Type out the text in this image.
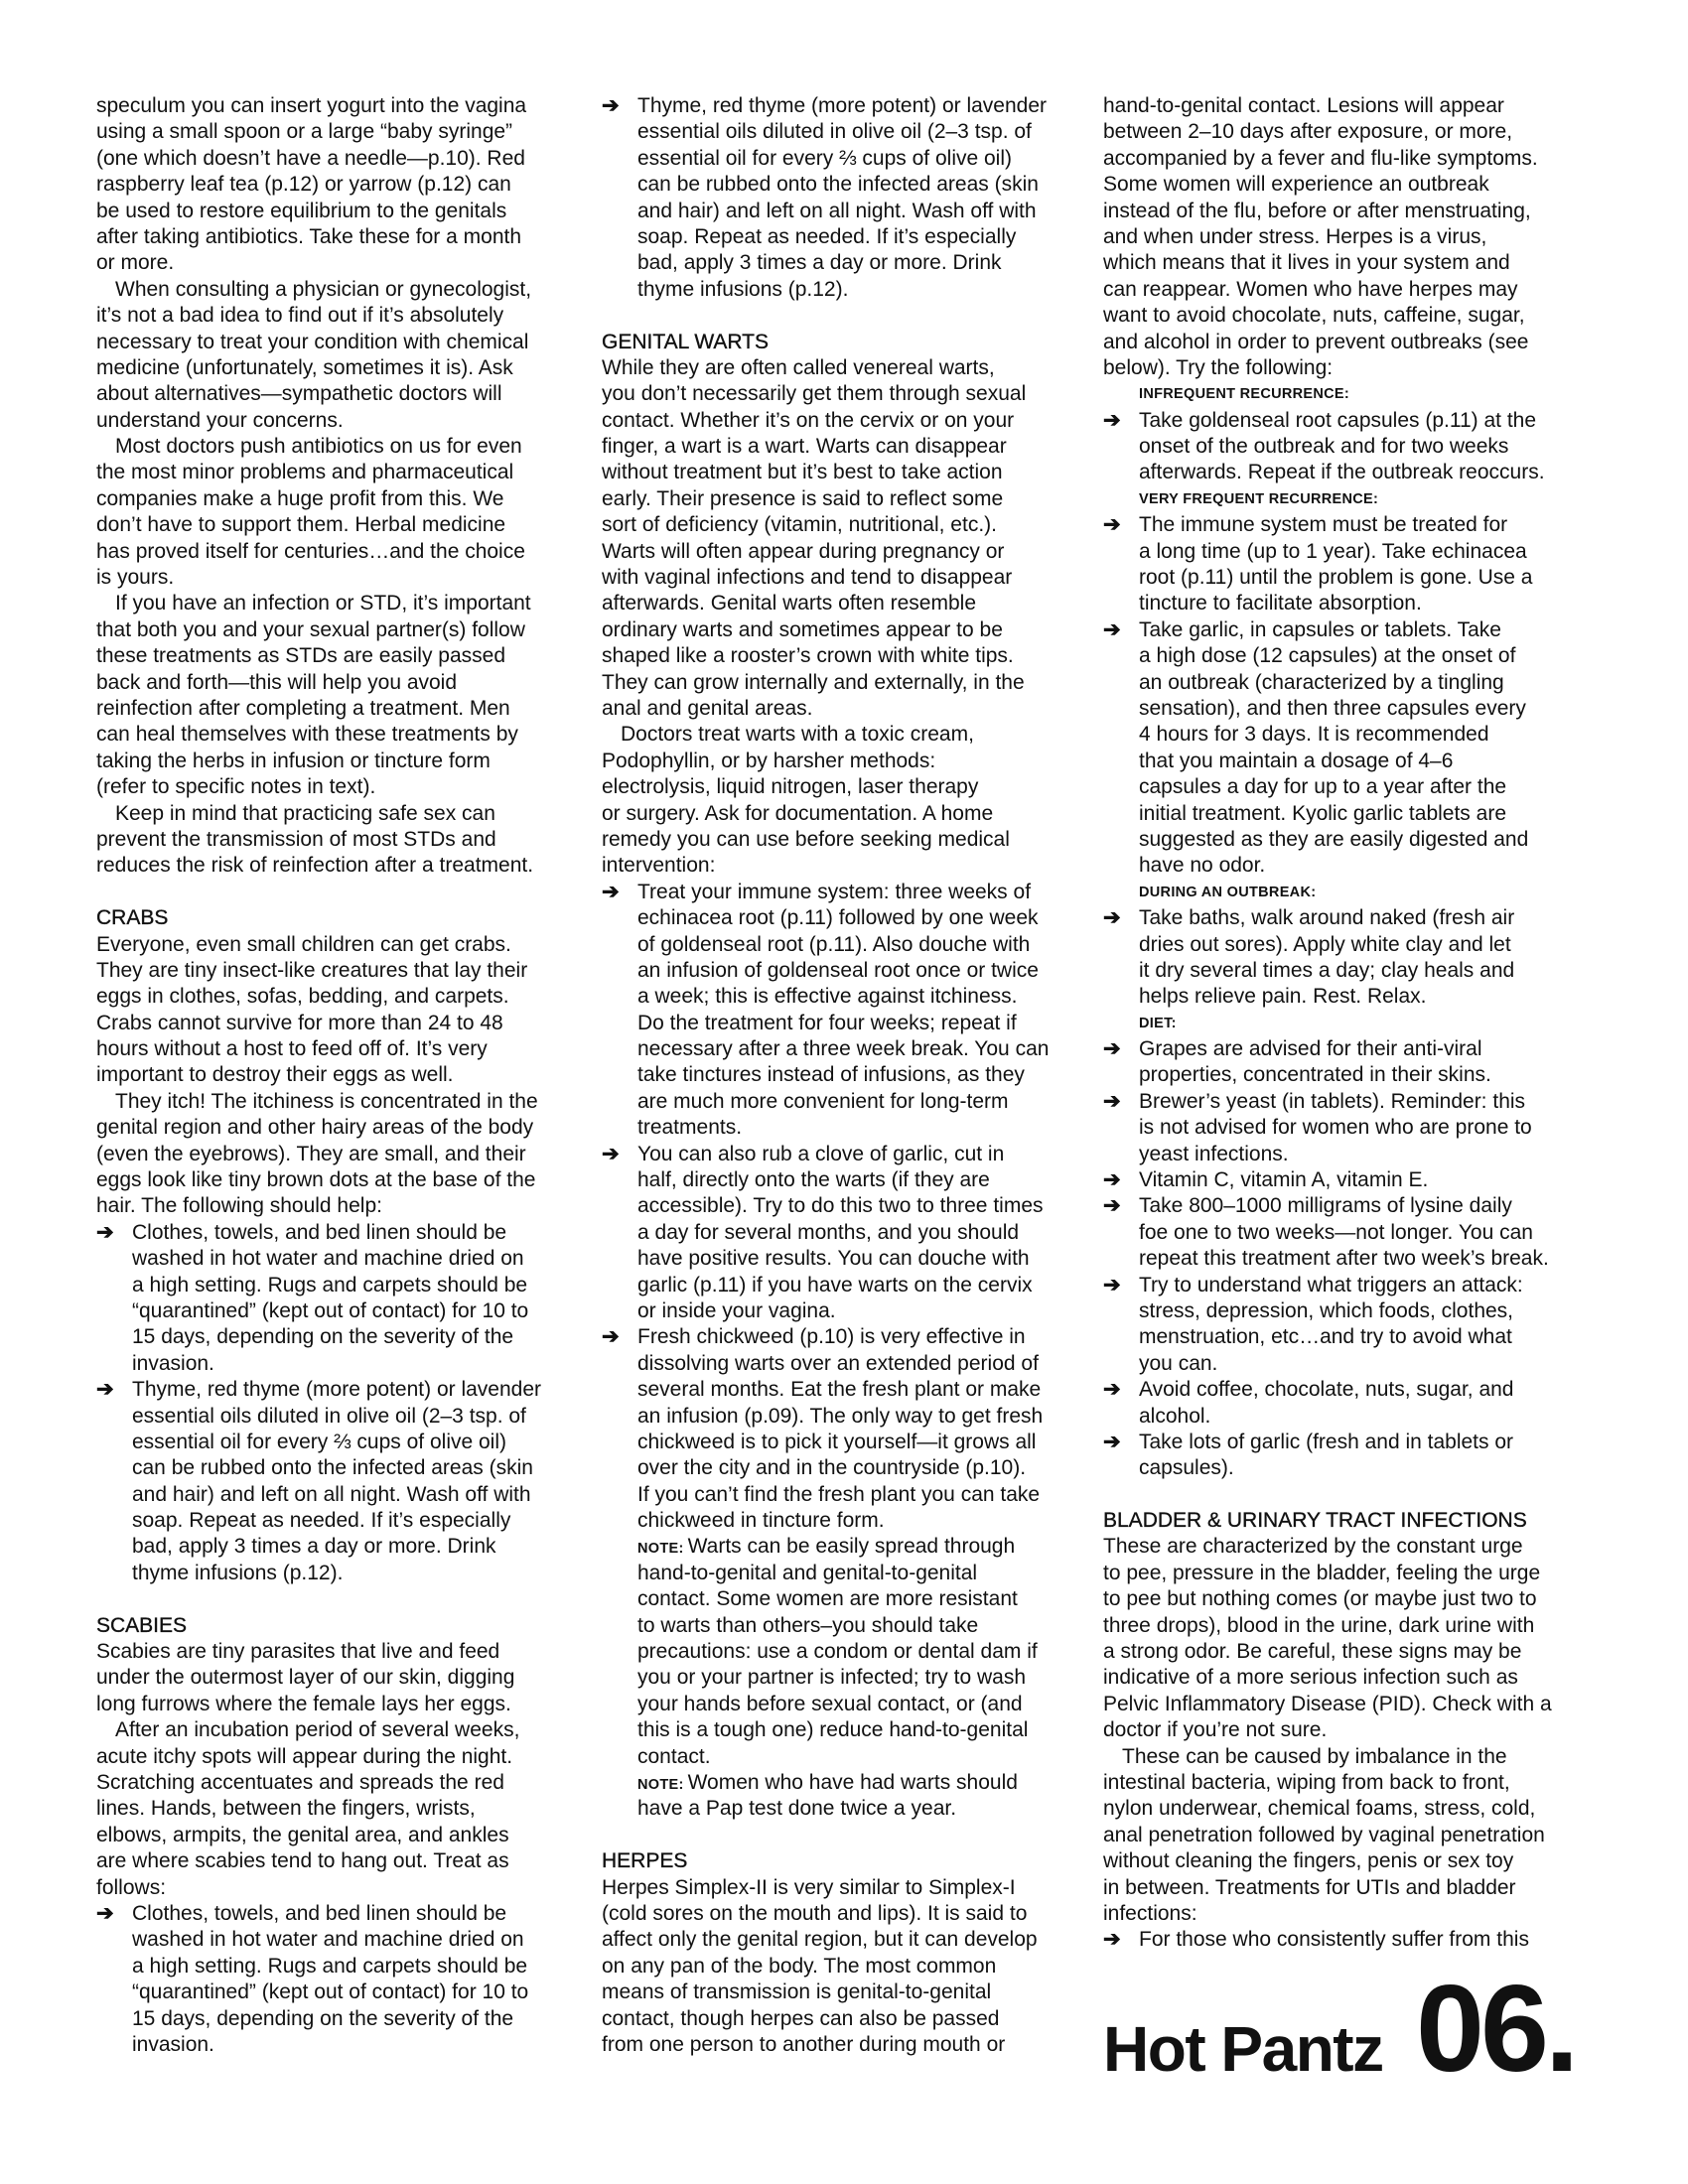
speculum you can insert yogurt into the vagina
using a small spoon or a large “baby syringe”
(one which doesn’t have a needle—p.10). Red
raspberry leaf tea (p.12) or yarrow (p.12) can
be used to restore equilibrium to the genitals
after taking antibiotics. Take these for a month
or more.
When consulting a physician or gynecologist,
it’s not a bad idea to find out if it’s absolutely
necessary to treat your condition with chemical
medicine (unfortunately, sometimes it is). Ask
about alternatives—sympathetic doctors will
understand your concerns.
Most doctors push antibiotics on us for even
the most minor problems and pharmaceutical
companies make a huge profit from this. We
don’t have to support them. Herbal medicine
has proved itself for centuries…and the choice
is yours.
If you have an infection or STD, it’s important
that both you and your sexual partner(s) follow
these treatments as STDs are easily passed
back and forth—this will help you avoid
reinfection after completing a treatment. Men
can heal themselves with these treatments by
taking the herbs in infusion or tincture form
(refer to specific notes in text).
Keep in mind that practicing safe sex can
prevent the transmission of most STDs and
reduces the risk of reinfection after a treatment.
CRABS
Everyone, even small children can get crabs.
They are tiny insect-like creatures that lay their
eggs in clothes, sofas, bedding, and carpets.
Crabs cannot survive for more than 24 to 48
hours without a host to feed off of. It’s very
important to destroy their eggs as well.
They itch! The itchiness is concentrated in the
genital region and other hairy areas of the body
(even the eyebrows). They are small, and their
eggs look like tiny brown dots at the base of the
hair. The following should help:
➔ Clothes, towels, and bed linen should be
washed in hot water and machine dried on
a high setting. Rugs and carpets should be
“quarantined” (kept out of contact) for 10 to
15 days, depending on the severity of the
invasion.
➔ Thyme, red thyme (more potent) or lavender
essential oils diluted in olive oil (2–3 tsp. of
essential oil for every ⅔ cups of olive oil)
can be rubbed onto the infected areas (skin
and hair) and left on all night. Wash off with
soap. Repeat as needed. If it’s especially
bad, apply 3 times a day or more. Drink
thyme infusions (p.12).
SCABIES
Scabies are tiny parasites that live and feed
under the outermost layer of our skin, digging
long furrows where the female lays her eggs.
After an incubation period of several weeks,
acute itchy spots will appear during the night.
Scratching accentuates and spreads the red
lines. Hands, between the fingers, wrists,
elbows, armpits, the genital area, and ankles
are where scabies tend to hang out. Treat as
follows:
➔ Clothes, towels, and bed linen should be
washed in hot water and machine dried on
a high setting. Rugs and carpets should be
“quarantined” (kept out of contact) for 10 to
15 days, depending on the severity of the
invasion.
➔ Thyme, red thyme (more potent) or lavender
essential oils diluted in olive oil (2–3 tsp. of
essential oil for every ⅔ cups of olive oil)
can be rubbed onto the infected areas (skin
and hair) and left on all night. Wash off with
soap. Repeat as needed. If it’s especially
bad, apply 3 times a day or more. Drink
thyme infusions (p.12).
GENITAL WARTS
While they are often called venereal warts,
you don’t necessarily get them through sexual
contact. Whether it’s on the cervix or on your
finger, a wart is a wart. Warts can disappear
without treatment but it’s best to take action
early. Their presence is said to reflect some
sort of deficiency (vitamin, nutritional, etc.).
Warts will often appear during pregnancy or
with vaginal infections and tend to disappear
afterwards. Genital warts often resemble
ordinary warts and sometimes appear to be
shaped like a rooster’s crown with white tips.
They can grow internally and externally, in the
anal and genital areas.
Doctors treat warts with a toxic cream,
Podophyllin, or by harsher methods:
electrolysis, liquid nitrogen, laser therapy
or surgery. Ask for documentation. A home
remedy you can use before seeking medical
intervention:
➔ Treat your immune system: three weeks of
echinacea root (p.11) followed by one week
of goldenseal root (p.11). Also douche with
an infusion of goldenseal root once or twice
a week; this is effective against itchiness.
Do the treatment for four weeks; repeat if
necessary after a three week break. You can
take tinctures instead of infusions, as they
are much more convenient for long-term
treatments.
➔ You can also rub a clove of garlic, cut in
half, directly onto the warts (if they are
accessible). Try to do this two to three times
a day for several months, and you should
have positive results. You can douche with
garlic (p.11) if you have warts on the cervix
or inside your vagina.
➔ Fresh chickweed (p.10) is very effective in
dissolving warts over an extended period of
several months. Eat the fresh plant or make
an infusion (p.09). The only way to get fresh
chickweed is to pick it yourself—it grows all
over the city and in the countryside (p.10).
If you can’t find the fresh plant you can take
chickweed in tincture form.
NOTE: Warts can be easily spread through
hand-to-genital and genital-to-genital
contact. Some women are more resistant
to warts than others–you should take
precautions: use a condom or dental dam if
you or your partner is infected; try to wash
your hands before sexual contact, or (and
this is a tough one) reduce hand-to-genital
contact.
NOTE: Women who have had warts should
have a Pap test done twice a year.
HERPES
Herpes Simplex-II is very similar to Simplex-I
(cold sores on the mouth and lips). It is said to
affect only the genital region, but it can develop
on any pan of the body. The most common
means of transmission is genital-to-genital
contact, though herpes can also be passed
from one person to another during mouth or
hand-to-genital contact. Lesions will appear
between 2–10 days after exposure, or more,
accompanied by a fever and flu-like symptoms.
Some women will experience an outbreak
instead of the flu, before or after menstruating,
and when under stress. Herpes is a virus,
which means that it lives in your system and
can reappear. Women who have herpes may
want to avoid chocolate, nuts, caffeine, sugar,
and alcohol in order to prevent outbreaks (see
below). Try the following:
INFREQUENT RECURRENCE:
➔ Take goldenseal root capsules (p.11) at the
onset of the outbreak and for two weeks
afterwards. Repeat if the outbreak reoccurs.
VERY FREQUENT RECURRENCE:
➔ The immune system must be treated for
a long time (up to 1 year). Take echinacea
root (p.11) until the problem is gone. Use a
tincture to facilitate absorption.
➔ Take garlic, in capsules or tablets. Take
a high dose (12 capsules) at the onset of
an outbreak (characterized by a tingling
sensation), and then three capsules every
4 hours for 3 days. It is recommended
that you maintain a dosage of 4–6
capsules a day for up to a year after the
initial treatment. Kyolic garlic tablets are
suggested as they are easily digested and
have no odor.
DURING AN OUTBREAK:
➔ Take baths, walk around naked (fresh air
dries out sores). Apply white clay and let
it dry several times a day; clay heals and
helps relieve pain. Rest. Relax.
DIET:
➔ Grapes are advised for their anti-viral
properties, concentrated in their skins.
➔ Brewer’s yeast (in tablets). Reminder: this
is not advised for women who are prone to
yeast infections.
➔ Vitamin C, vitamin A, vitamin E.
➔ Take 800–1000 milligrams of lysine daily
foe one to two weeks—not longer. You can
repeat this treatment after two week’s break.
➔ Try to understand what triggers an attack:
stress, depression, which foods, clothes,
menstruation, etc…and try to avoid what
you can.
➔ Avoid coffee, chocolate, nuts, sugar, and
alcohol.
➔ Take lots of garlic (fresh and in tablets or
capsules).
BLADDER & URINARY TRACT INFECTIONS
These are characterized by the constant urge
to pee, pressure in the bladder, feeling the urge
to pee but nothing comes (or maybe just two to
three drops), blood in the urine, dark urine with
a strong odor. Be careful, these signs may be
indicative of a more serious infection such as
Pelvic Inflammatory Disease (PID). Check with a
doctor if you’re not sure.
These can be caused by imbalance in the
intestinal bacteria, wiping from back to front,
nylon underwear, chemical foams, stress, cold,
anal penetration followed by vaginal penetration
without cleaning the fingers, penis or sex toy
in between. Treatments for UTIs and bladder
infections:
➔ For those who consistently suffer from this
Hot Pantz 06.
